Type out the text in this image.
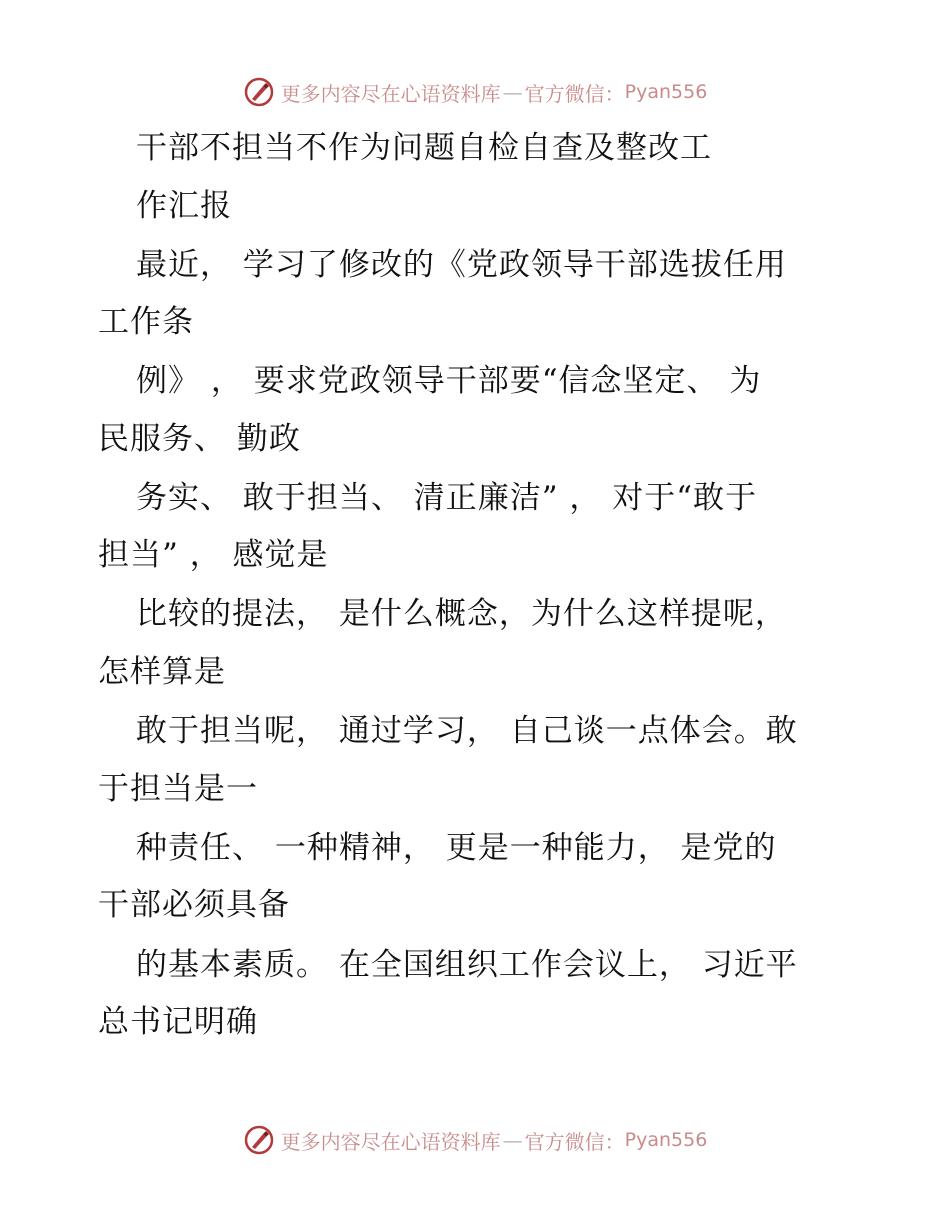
更多内容尽在心语资料库 — 官方微信： Pyan556
干部不担当不作为问题自检自查及整改工
作汇报
最近， 学习了修改的《党政领导干部选拔任用
工作条
例》 ， 要求党政领导干部要“信念坚定、 为
民服务、 勤政
务实、 敢于担当、 清正廉洁” ， 对于“敢于
担当” ， 感觉是
比较的提法， 是什么概念，为什么这样提呢，
怎样算是
敢于担当呢， 通过学习， 自己谈一点体会。敢
于担当是一
种责任、 一种精神， 更是一种能力， 是党的
干部必须具备
的基本素质。 在全国组织工作会议上， 习近平
总书记明确
更多内容尽在心语资料库 — 官方微信： Pyan556
